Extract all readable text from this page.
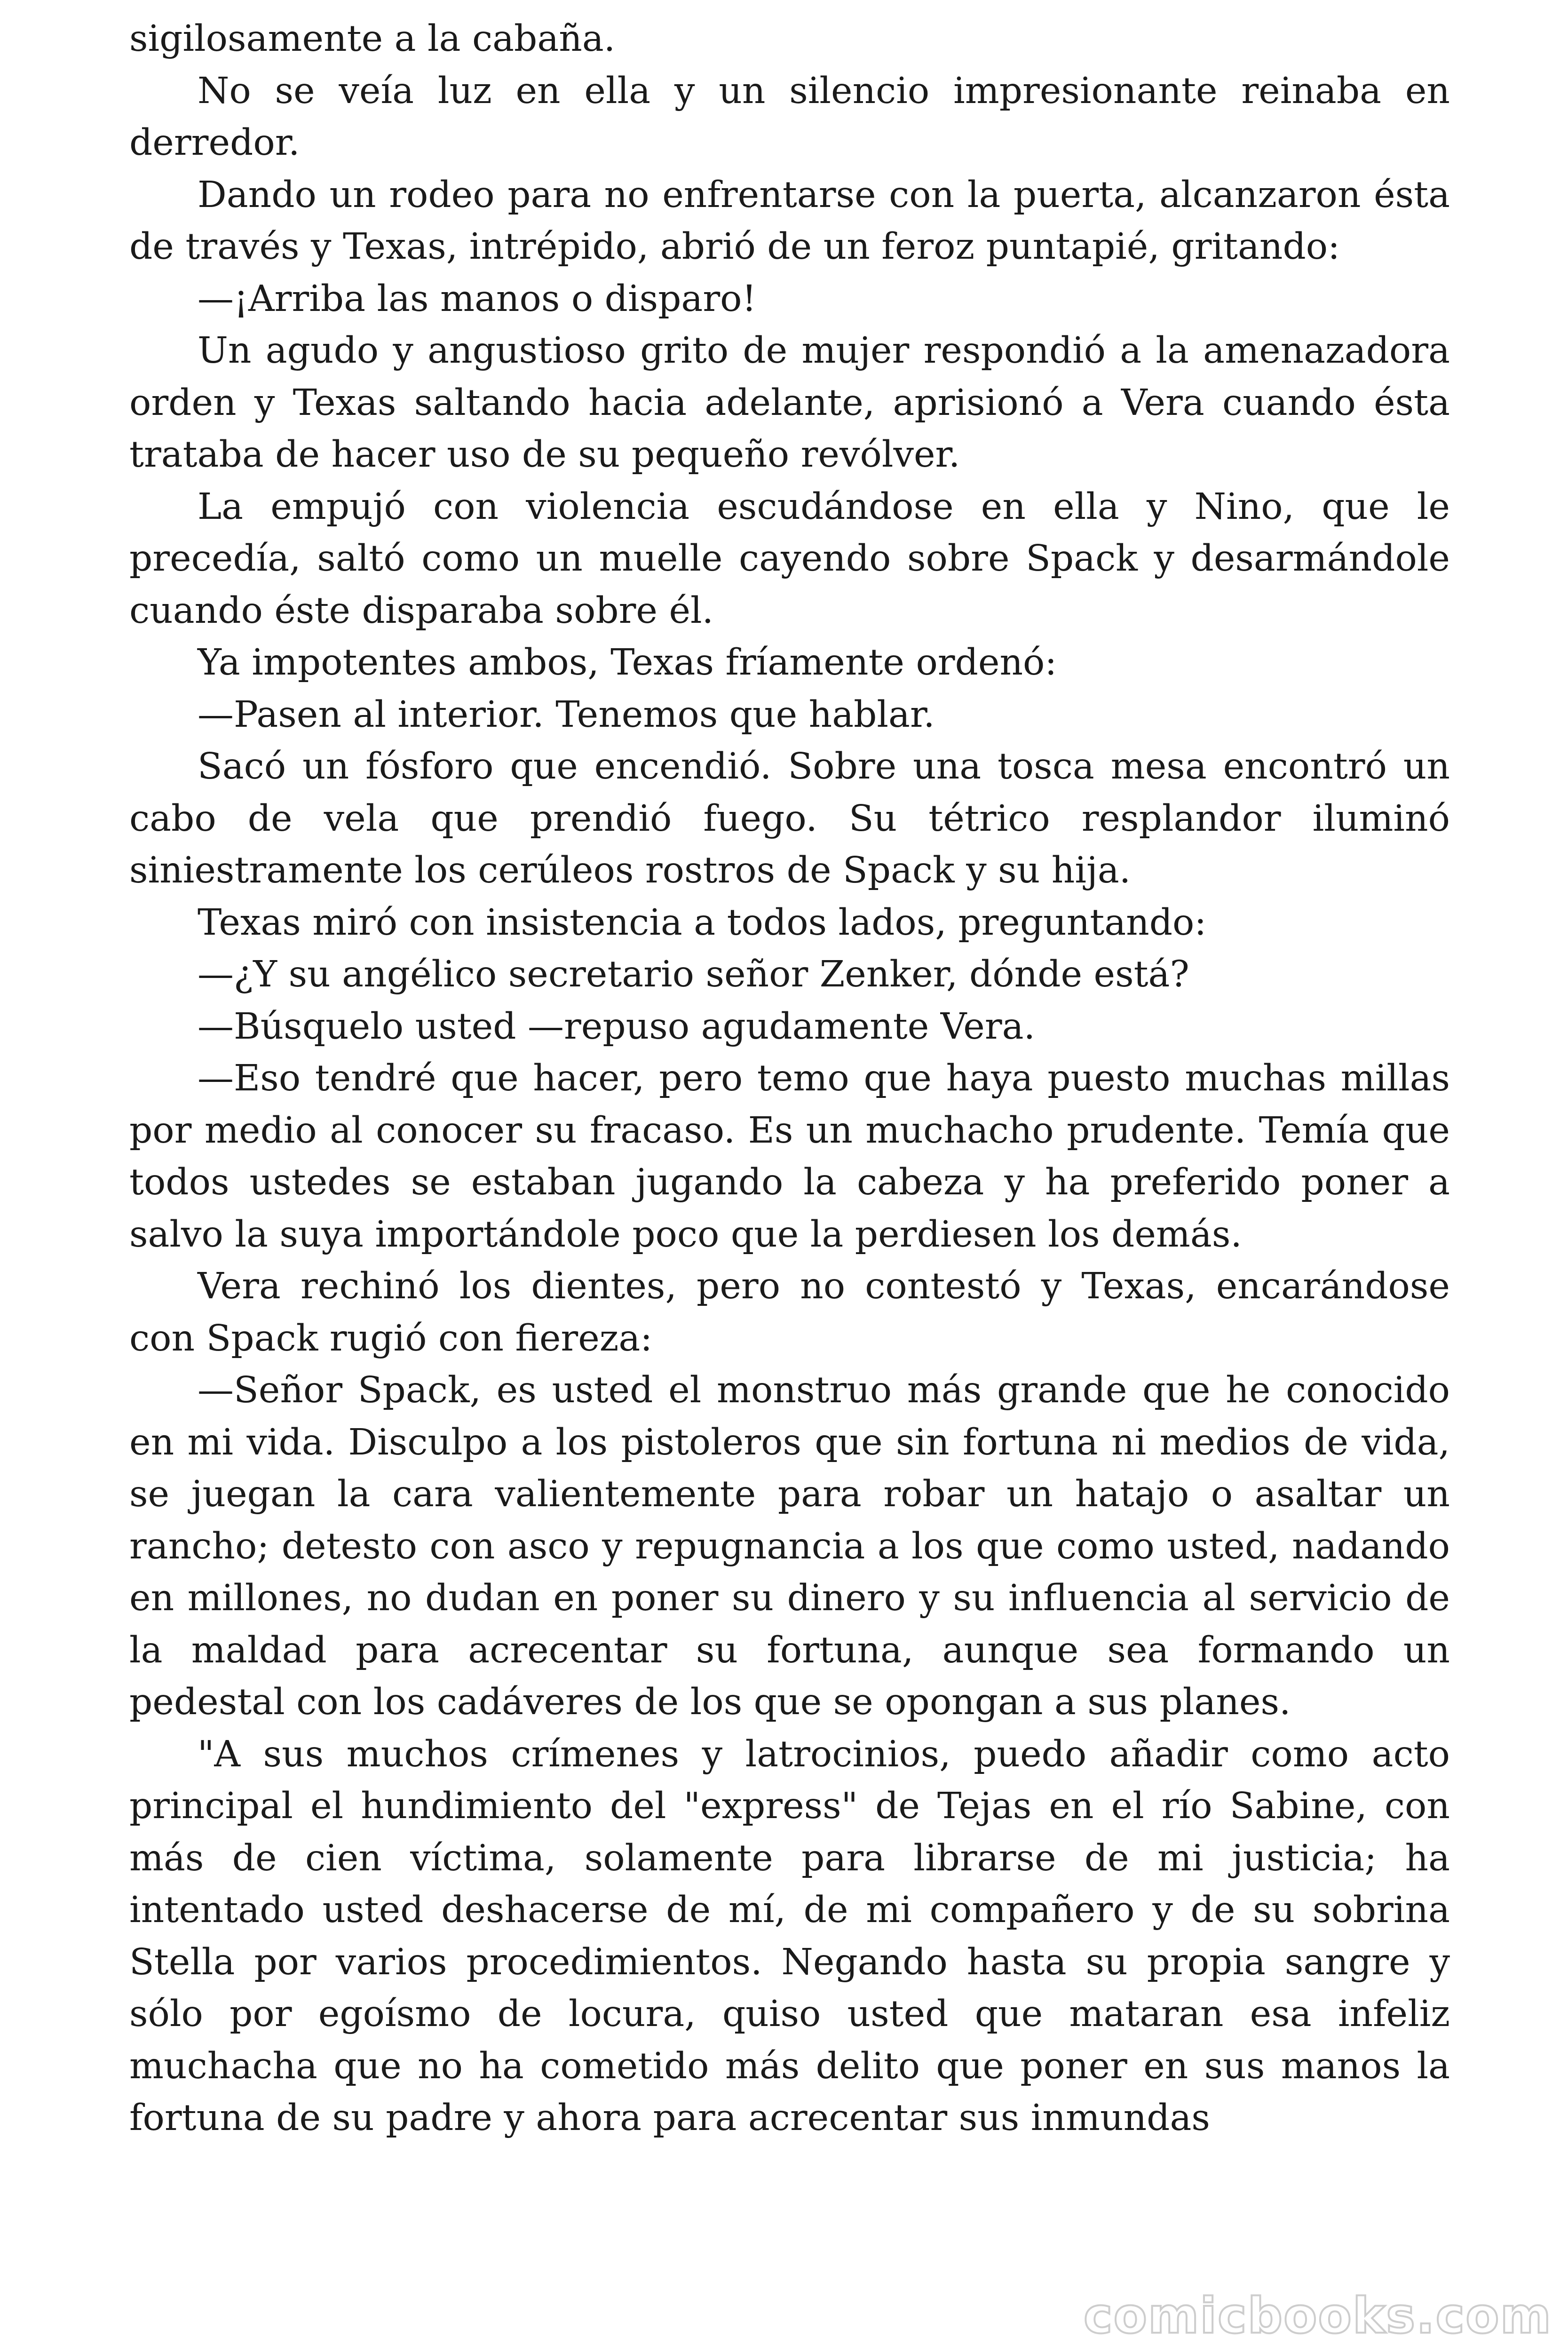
sigilosamente a la cabaña.

No se veía luz en ella y un silencio impresionante reinaba en derredor.

Dando un rodeo para no enfrentarse con la puerta, alcanzaron ésta de través y Texas, intrépido, abrió de un feroz puntapié, gritando:

—¡Arriba las manos o disparo!

Un agudo y angustioso grito de mujer respondió a la amenazadora orden y Texas saltando hacia adelante, aprisionó a Vera cuando ésta trataba de hacer uso de su pequeño revólver.

La empujó con violencia escudándose en ella y Nino, que le precedía, saltó como un muelle cayendo sobre Spack y desarmándole cuando éste disparaba sobre él.

Ya impotentes ambos, Texas fríamente ordenó:

—Pasen al interior. Tenemos que hablar.

Sacó un fósforo que encendió. Sobre una tosca mesa encontró un cabo de vela que prendió fuego. Su tétrico resplandor iluminó siniestramente los cerúleos rostros de Spack y su hija.

Texas miró con insistencia a todos lados, preguntando:

—¿Y su angélico secretario señor Zenker, dónde está?

—Búsquelo usted —repuso agudamente Vera.

—Eso tendré que hacer, pero temo que haya puesto muchas millas por medio al conocer su fracaso. Es un muchacho prudente. Temía que todos ustedes se estaban jugando la cabeza y ha preferido poner a salvo la suya importándole poco que la perdiesen los demás.

Vera rechinó los dientes, pero no contestó y Texas, encarándose con Spack rugió con fiereza:

—Señor Spack, es usted el monstruo más grande que he conocido en mi vida. Disculpo a los pistoleros que sin fortuna ni medios de vida, se juegan la cara valientemente para robar un hatajo o asaltar un rancho; detesto con asco y repugnancia a los que como usted, nadando en millones, no dudan en poner su dinero y su influencia al servicio de la maldad para acrecentar su fortuna, aunque sea formando un pedestal con los cadáveres de los que se opongan a sus planes.

"A sus muchos crímenes y latrocinios, puedo añadir como acto principal el hundimiento del "express" de Tejas en el río Sabine, con más de cien víctima, solamente para librarse de mi justicia; ha intentado usted deshacerse de mí, de mi compañero y de su sobrina Stella por varios procedimientos. Negando hasta su propia sangre y sólo por egoísmo de locura, quiso usted que mataran esa infeliz muchacha que no ha cometido más delito que poner en sus manos la fortuna de su padre y ahora para acrecentar sus inmundas

comicbooks.com
